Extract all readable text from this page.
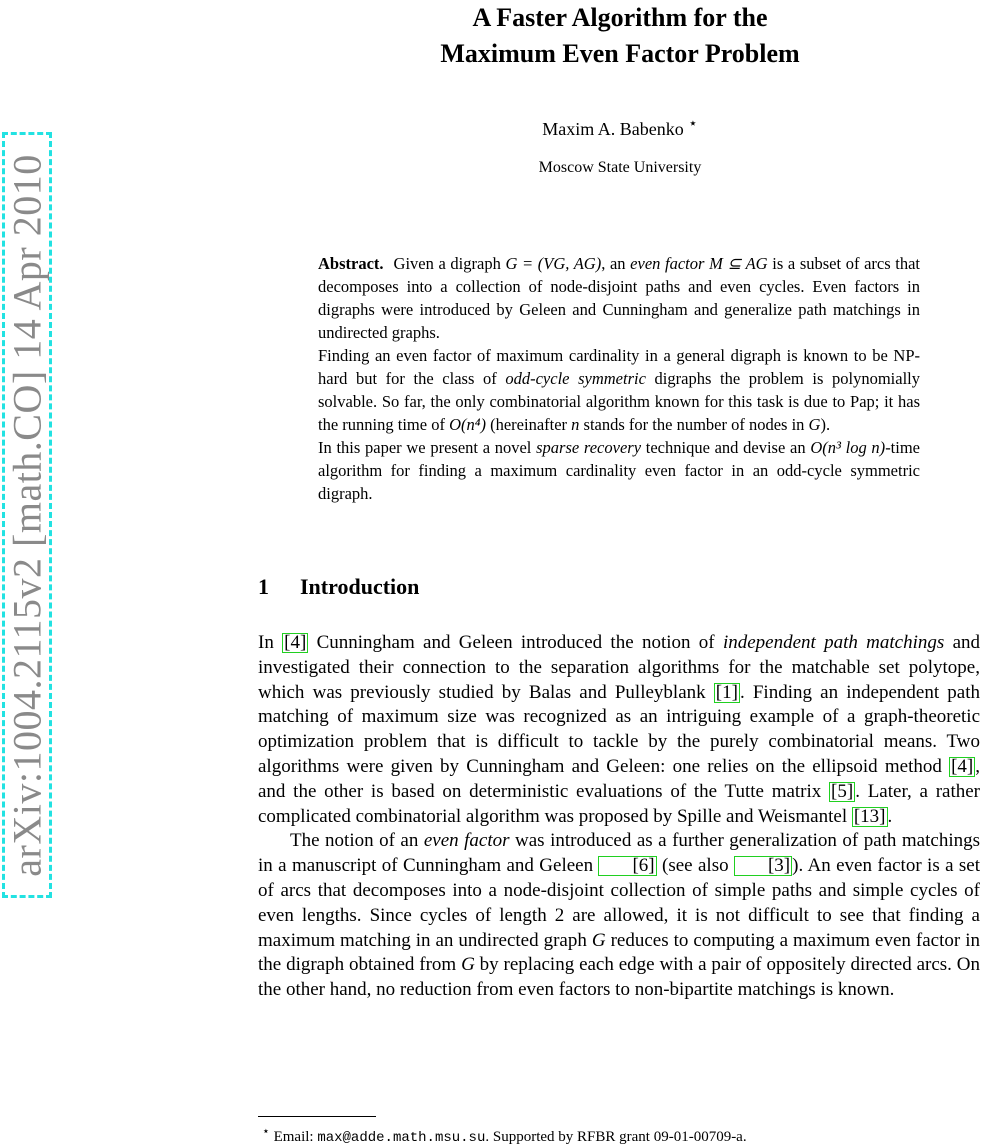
arXiv:1004.2115v2 [math.CO] 14 Apr 2010
A Faster Algorithm for the
Maximum Even Factor Problem
Maxim A. Babenko ⋆
Moscow State University

Abstract. Given a digraph G = (VG, AG), an even factor M ⊆ AG is a subset of arcs that decomposes into a collection of node-disjoint paths and even cycles. Even factors in digraphs were introduced by Geleen and Cunningham and generalize path matchings in undirected graphs.

Finding an even factor of maximum cardinality in a general digraph is known to be NP-hard but for the class of odd-cycle symmetric digraphs the problem is polynomially solvable. So far, the only combinatorial algorithm known for this task is due to Pap; it has the running time of O(n⁴) (hereinafter n stands for the number of nodes in G).

In this paper we present a novel sparse recovery technique and devise an O(n³ log n)-time algorithm for finding a maximum cardinality even factor in an odd-cycle symmetric digraph.

1 Introduction

In [4] Cunningham and Geleen introduced the notion of independent path matchings and investigated their connection to the separation algorithms for the matchable set polytope, which was previously studied by Balas and Pulleyblank [1] . Finding an independent path matching of maximum size was recognized as an intriguing example of a graph-theoretic optimization problem that is difficult to tackle by the purely combinatorial means. Two algorithms were given by Cunningham and Geleen: one relies on the ellipsoid method [4] , and the other is based on deterministic evaluations of the Tutte matrix [5] . Later, a rather complicated combinatorial algorithm was proposed by Spille and Weismantel [13] .

The notion of an even factor was introduced as a further generalization of path matchings in a manuscript of Cunningham and Geleen [6] (see also [3] ). An even factor is a set of arcs that decomposes into a node-disjoint collection of simple paths and simple cycles of even lengths. Since cycles of length 2 are allowed, it is not difficult to see that finding a maximum matching in an undirected graph G reduces to computing a maximum even factor in the digraph obtained from G by replacing each edge with a pair of oppositely directed arcs. On the other hand, no reduction from even factors to non-bipartite matchings is known.

⋆ Email: max@adde.math.msu.su. Supported by RFBR grant 09-01-00709-a.
